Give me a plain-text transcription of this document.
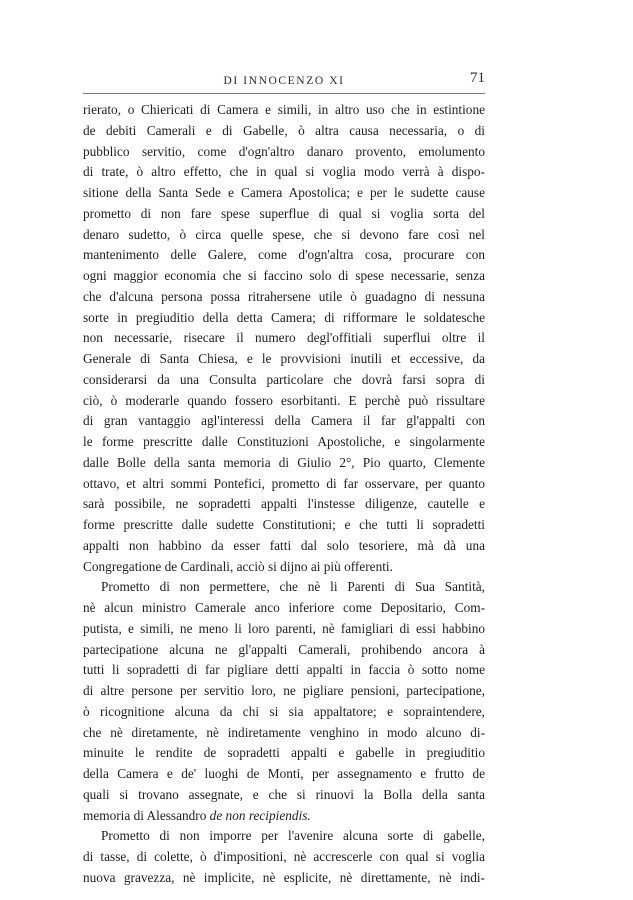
DI INNOCENZO XI	71
rierato, o Chiericati di Camera e simili, in altro uso che in estintione
de debiti Camerali e di Gabelle, ò altra causa necessaria, o di
pubblico servitio, come d'ogn'altro danaro provento, emolumento
di trate, ò altro effetto, che in qual si voglia modo verrà à dispo-
sitione della Santa Sede e Camera Apostolica; e per le sudette cause
prometto di non fare spese superflue di qual si voglia sorta del
denaro sudetto, ò circa quelle spese, che si devono fare così nel
mantenimento delle Galere, come d'ogn'altra cosa, procurare con
ogni maggior economia che si faccino solo di spese necessarie, senza
che d'alcuna persona possa ritrahersene utile ò guadagno di nessuna
sorte in pregiuditio della detta Camera; di rifformare le soldatesche
non necessarie, risecare il numero degl'offitiali superflui oltre il
Generale di Santa Chiesa, e le provvisioni inutili et eccessive, da
considerarsi da una Consulta particolare che dovrà farsi sopra di
ciò, ò moderarle quando fossero esorbitanti. E perchè può rissultare
di gran vantaggio agl'interessi della Camera il far gl'appalti con
le forme prescritte dalle Constituzioni Apostoliche, e singolarmente
dalle Bolle della santa memoria di Giulio 2°, Pio quarto, Clemente
ottavo, et altri sommi Pontefici, prometto di far osservare, per quanto
sarà possibile, ne sopradetti appalti l'instesse diligenze, cautelle e
forme prescritte dalle sudette Constitutioni; e che tutti li sopradetti
appalti non habbino da esser fatti dal solo tesoriere, mà dà una
Congregatione de Cardinali, acciò si dijno ai più offerenti.
Prometto di non permettere, che nè li Parenti di Sua Santità,
nè alcun ministro Camerale anco inferiore come Depositario, Com-
putista, e simili, ne meno li loro parenti, nè famigliari di essi habbino
partecipatione alcuna ne gl'appalti Camerali, prohibendo ancora à
tutti li sopradetti di far pigliare detti appalti in faccia ò sotto nome
di altre persone per servitio loro, ne pigliare pensioni, partecipatione,
ò ricognitione alcuna da chi si sia appaltatore; e sopraintendere,
che nè diretamente, nè indiretamente venghino in modo alcuno di-
minuite le rendite de sopradetti appalti e gabelle in pregiuditio
della Camera e de' luoghi de Monti, per assegnamento e frutto de
quali si trovano assegnate, e che si rinuovi la Bolla della santa
memoria di Alessandro de non recipiendis.
Prometto di non imporre per l'avenire alcuna sorte di gabelle,
di tasse, di colette, ò d'impositioni, nè accrescerle con qual si voglia
nuova gravezza, nè implicite, nè esplicite, nè direttamente, nè indi-
